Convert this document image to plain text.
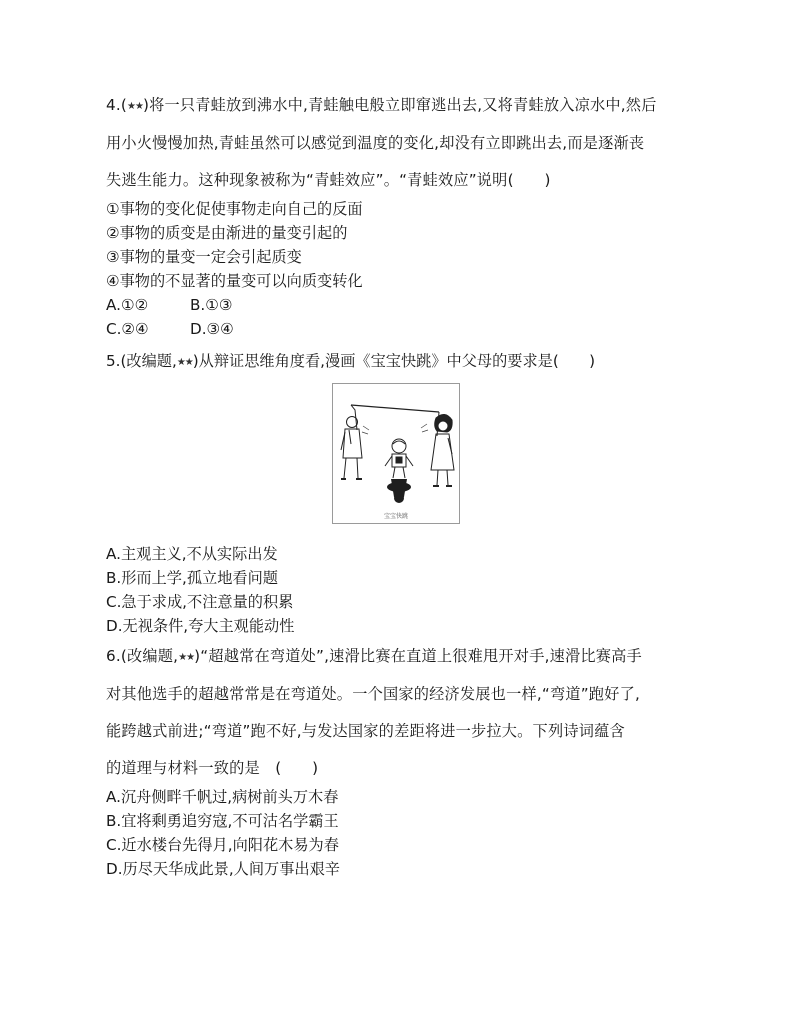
4.(★★)将一只青蛙放到沸水中,青蛙触电般立即窜逃出去,又将青蛙放入凉水中,然后
用小火慢慢加热,青蛙虽然可以感觉到温度的变化,却没有立即跳出去,而是逐渐丧
失逃生能力。这种现象被称为“青蛙效应”。“青蛙效应”说明(　　)
①事物的变化促使事物走向自己的反面
②事物的质变是由渐进的量变引起的
③事物的量变一定会引起质变
④事物的不显著的量变可以向质变转化
A.①②	B.①③
C.②④	D.③④
5.(改编题,★★)从辩证思维角度看,漫画《宝宝快跳》中父母的要求是(　　)
宝宝快跳
A.主观主义,不从实际出发
B.形而上学,孤立地看问题
C.急于求成,不注意量的积累
D.无视条件,夸大主观能动性
6.(改编题,★★)“超越常在弯道处”,速滑比赛在直道上很难甩开对手,速滑比赛高手
对其他选手的超越常常是在弯道处。一个国家的经济发展也一样,“弯道”跑好了,
能跨越式前进;“弯道”跑不好,与发达国家的差距将进一步拉大。下列诗词蕴含
的道理与材料一致的是　(　　)
A.沉舟侧畔千帆过,病树前头万木春
B.宜将剩勇追穷寇,不可沽名学霸王
C.近水楼台先得月,向阳花木易为春
D.历尽天华成此景,人间万事出艰辛
